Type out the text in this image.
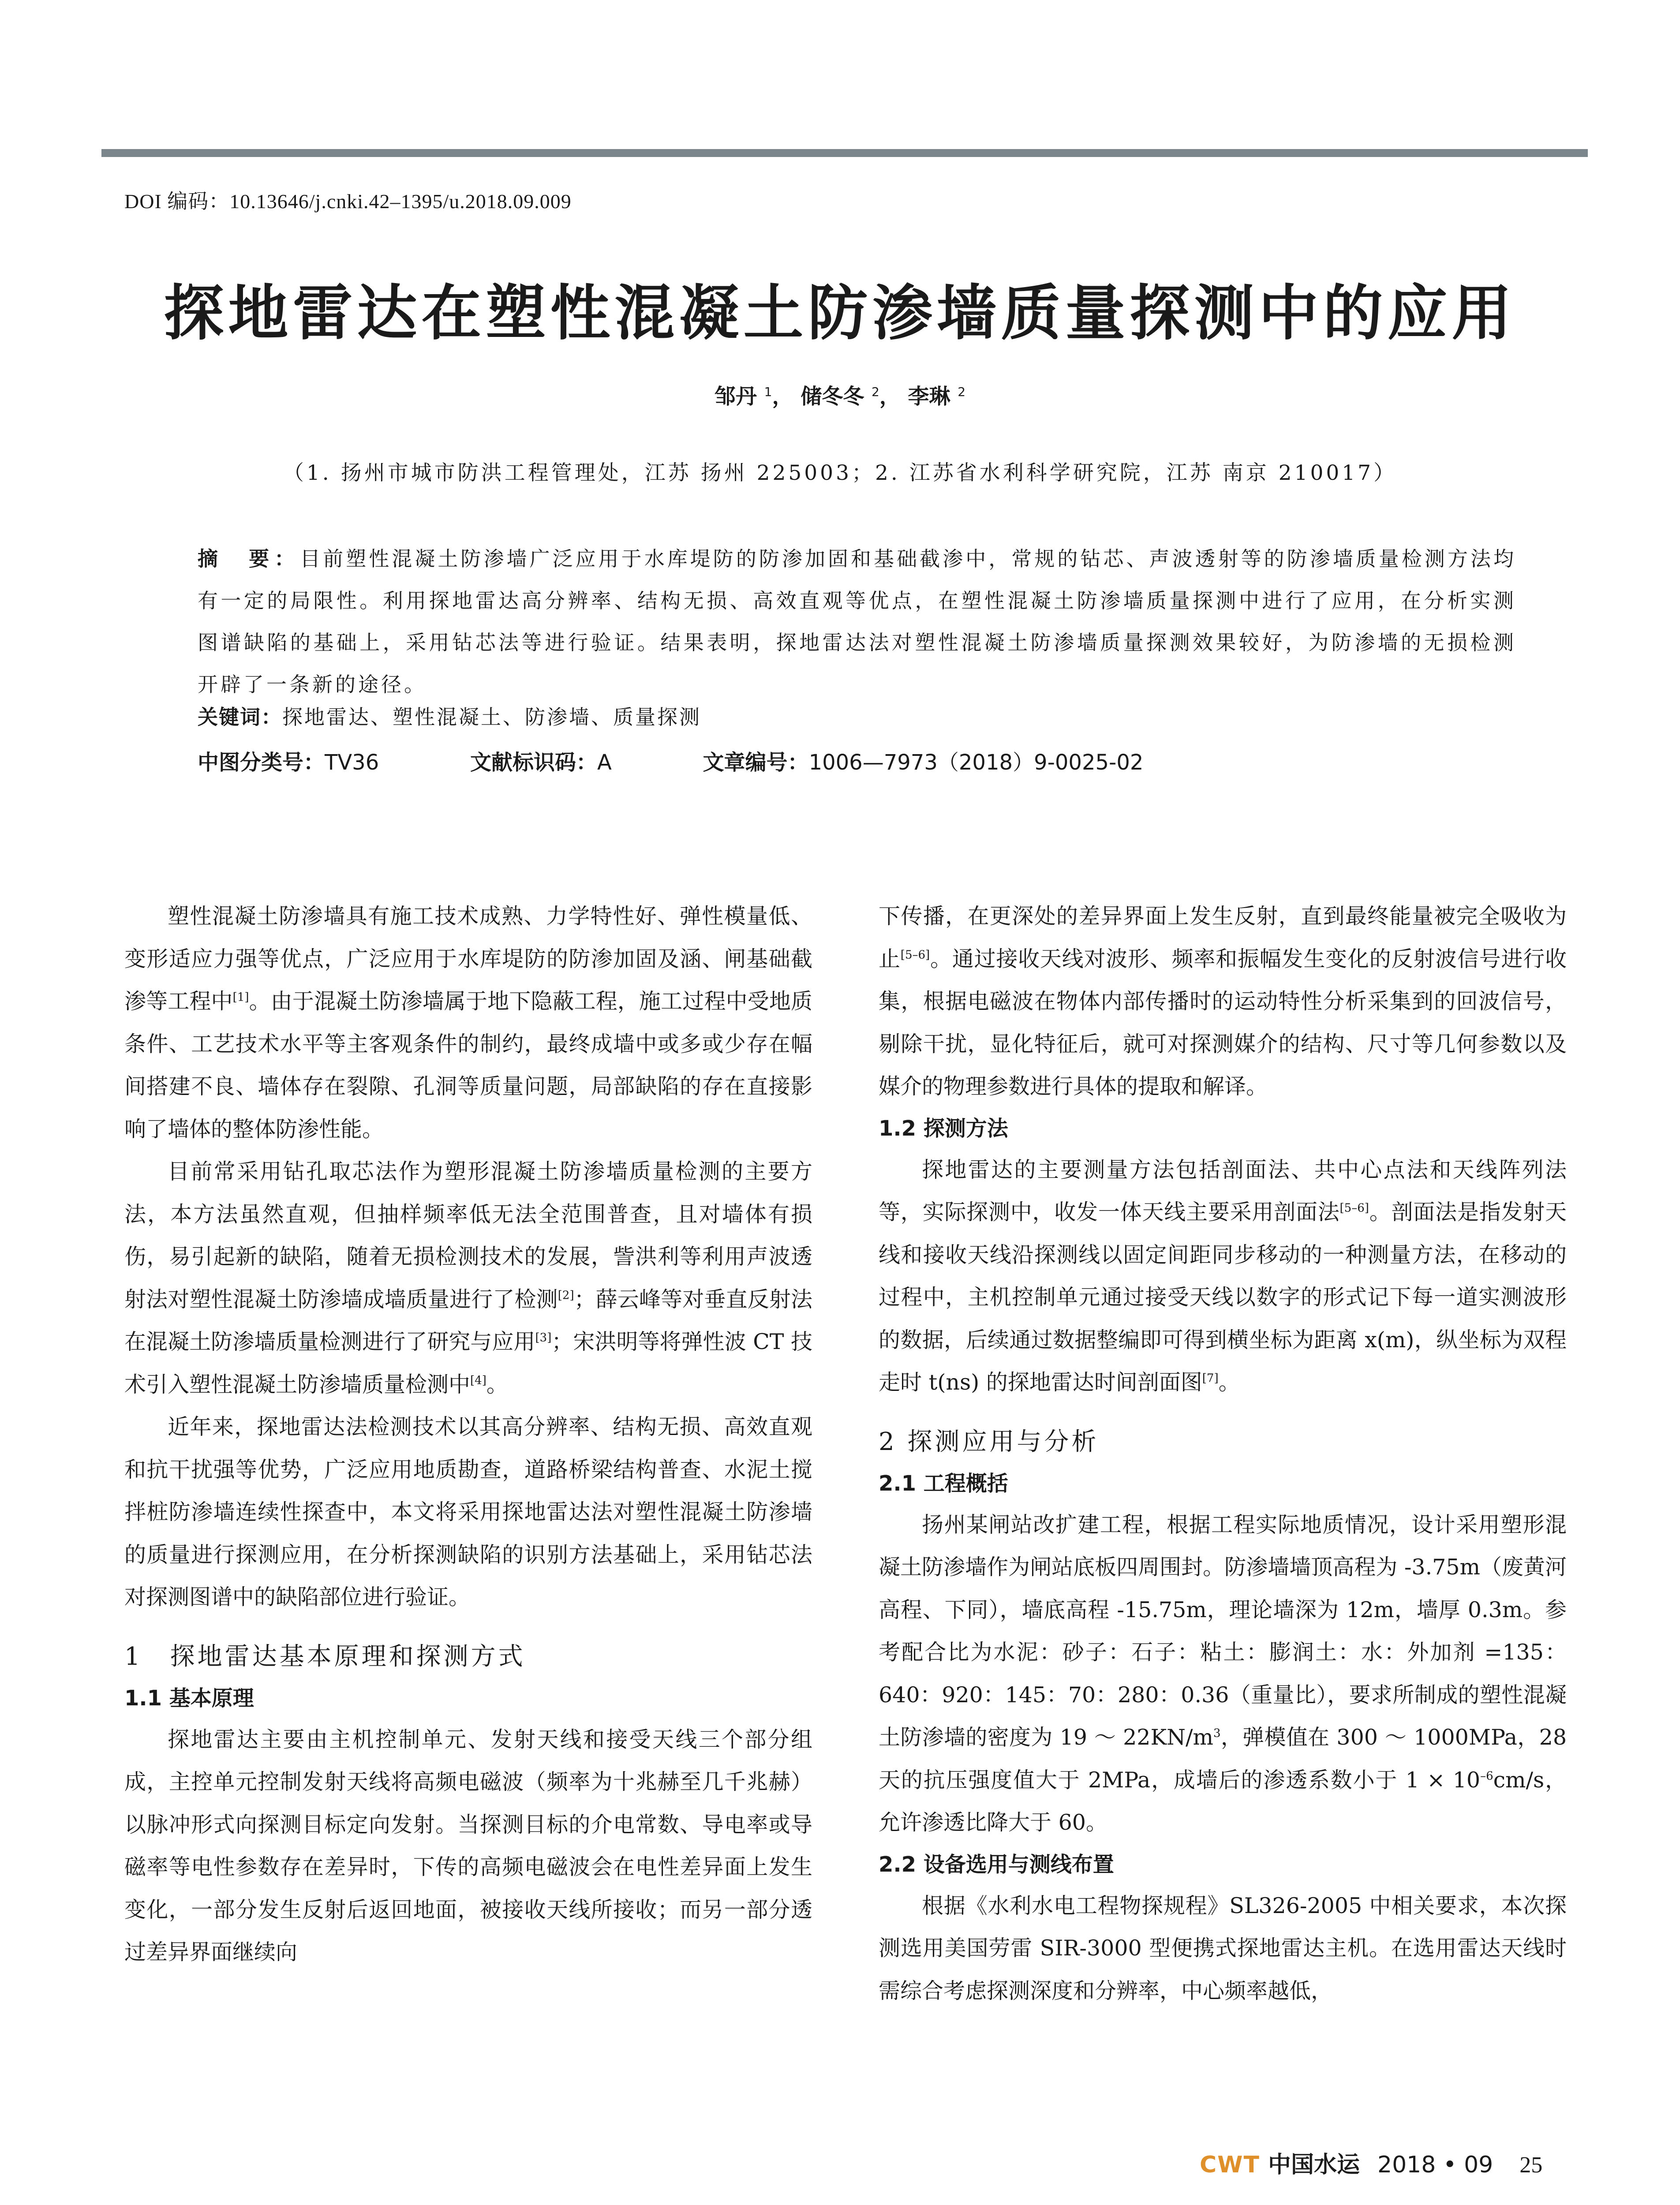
DOI 编码：10.13646/j.cnki.42–1395/u.2018.09.009
探地雷达在塑性混凝土防渗墙质量探测中的应用
邹丹 $^1$， 储冬冬 $^2$， 李琳 $^2$
（1. 扬州市城市防洪工程管理处，江苏 扬州 225003；2. 江苏省水利科学研究院，江苏 南京 210017）
摘　要：目前塑性混凝土防渗墙广泛应用于水库堤防的防渗加固和基础截渗中，常规的钻芯、声波透射等的防渗墙质量检测方法均有一定的局限性。利用探地雷达高分辨率、结构无损、高效直观等优点，在塑性混凝土防渗墙质量探测中进行了应用，在分析实测图谱缺陷的基础上，采用钻芯法等进行验证。结果表明，探地雷达法对塑性混凝土防渗墙质量探测效果较好，为防渗墙的无损检测开辟了一条新的途径。
关键词：探地雷达、塑性混凝土、防渗墙、质量探测
中图分类号：TV36	文献标识码：A	文章编号：1006—7973（2018）9-0025-02

塑性混凝土防渗墙具有施工技术成熟、力学特性好、弹性模量低、变形适应力强等优点，广泛应用于水库堤防的防渗加固及涵、闸基础截渗等工程中[1]。由于混凝土防渗墙属于地下隐蔽工程，施工过程中受地质条件、工艺技术水平等主客观条件的制约，最终成墙中或多或少存在幅间搭建不良、墙体存在裂隙、孔洞等质量问题，局部缺陷的存在直接影响了墙体的整体防渗性能。

目前常采用钻孔取芯法作为塑形混凝土防渗墙质量检测的主要方法，本方法虽然直观，但抽样频率低无法全范围普查，且对墙体有损伤，易引起新的缺陷，随着无损检测技术的发展，訾洪利等利用声波透射法对塑性混凝土防渗墙成墙质量进行了检测[2]；薛云峰等对垂直反射法在混凝土防渗墙质量检测进行了研究与应用[3]；宋洪明等将弹性波 CT 技术引入塑性混凝土防渗墙质量检测中[4]。

近年来，探地雷达法检测技术以其高分辨率、结构无损、高效直观和抗干扰强等优势，广泛应用地质勘查，道路桥梁结构普查、水泥土搅拌桩防渗墙连续性探查中，本文将采用探地雷达法对塑性混凝土防渗墙的质量进行探测应用，在分析探测缺陷的识别方法基础上，采用钻芯法对探测图谱中的缺陷部位进行验证。

1　探地雷达基本原理和探测方式
1.1 基本原理

探地雷达主要由主机控制单元、发射天线和接受天线三个部分组成，主控单元控制发射天线将高频电磁波（频率为十兆赫至几千兆赫）以脉冲形式向探测目标定向发射。当探测目标的介电常数、导电率或导磁率等电性参数存在差异时，下传的高频电磁波会在电性差异面上发生变化，一部分发生反射后返回地面，被接收天线所接收；而另一部分透过差异界面继续向

下传播，在更深处的差异界面上发生反射，直到最终能量被完全吸收为止[5–6]。通过接收天线对波形、频率和振幅发生变化的反射波信号进行收集，根据电磁波在物体内部传播时的运动特性分析采集到的回波信号，剔除干扰，显化特征后，就可对探测媒介的结构、尺寸等几何参数以及媒介的物理参数进行具体的提取和解译。

1.2 探测方法

探地雷达的主要测量方法包括剖面法、共中心点法和天线阵列法等，实际探测中，收发一体天线主要采用剖面法[5–6]。剖面法是指发射天线和接收天线沿探测线以固定间距同步移动的一种测量方法，在移动的过程中，主机控制单元通过接受天线以数字的形式记下每一道实测波形的数据，后续通过数据整编即可得到横坐标为距离 x(m)，纵坐标为双程走时 t(ns) 的探地雷达时间剖面图[7]。

2 探测应用与分析
2.1 工程概括

扬州某闸站改扩建工程，根据工程实际地质情况，设计采用塑形混凝土防渗墙作为闸站底板四周围封。防渗墙墙顶高程为 -3.75m（废黄河高程、下同），墙底高程 -15.75m，理论墙深为 12m，墙厚 0.3m。参考配合比为水泥：砂子：石子：粘土：膨润土：水：外加剂 =135：640：920：145：70：280：0.36（重量比），要求所制成的塑性混凝土防渗墙的密度为 19 ～ $22KN/m^3$，弹模值在 300 ～ 1000MPa，28 天的抗压强度值大于 2MPa，成墙后的渗透系数小于 $1 \times 10^{-6}cm/s$，允许渗透比降大于 60。

2.2 设备选用与测线布置

根据《水利水电工程物探规程》SL326-2005 中相关要求，本次探测选用美国劳雷 SIR-3000 型便携式探地雷达主机。在选用雷达天线时需综合考虑探测深度和分辨率，中心频率越低，

CWT 中国水运 2018 • 09 25
